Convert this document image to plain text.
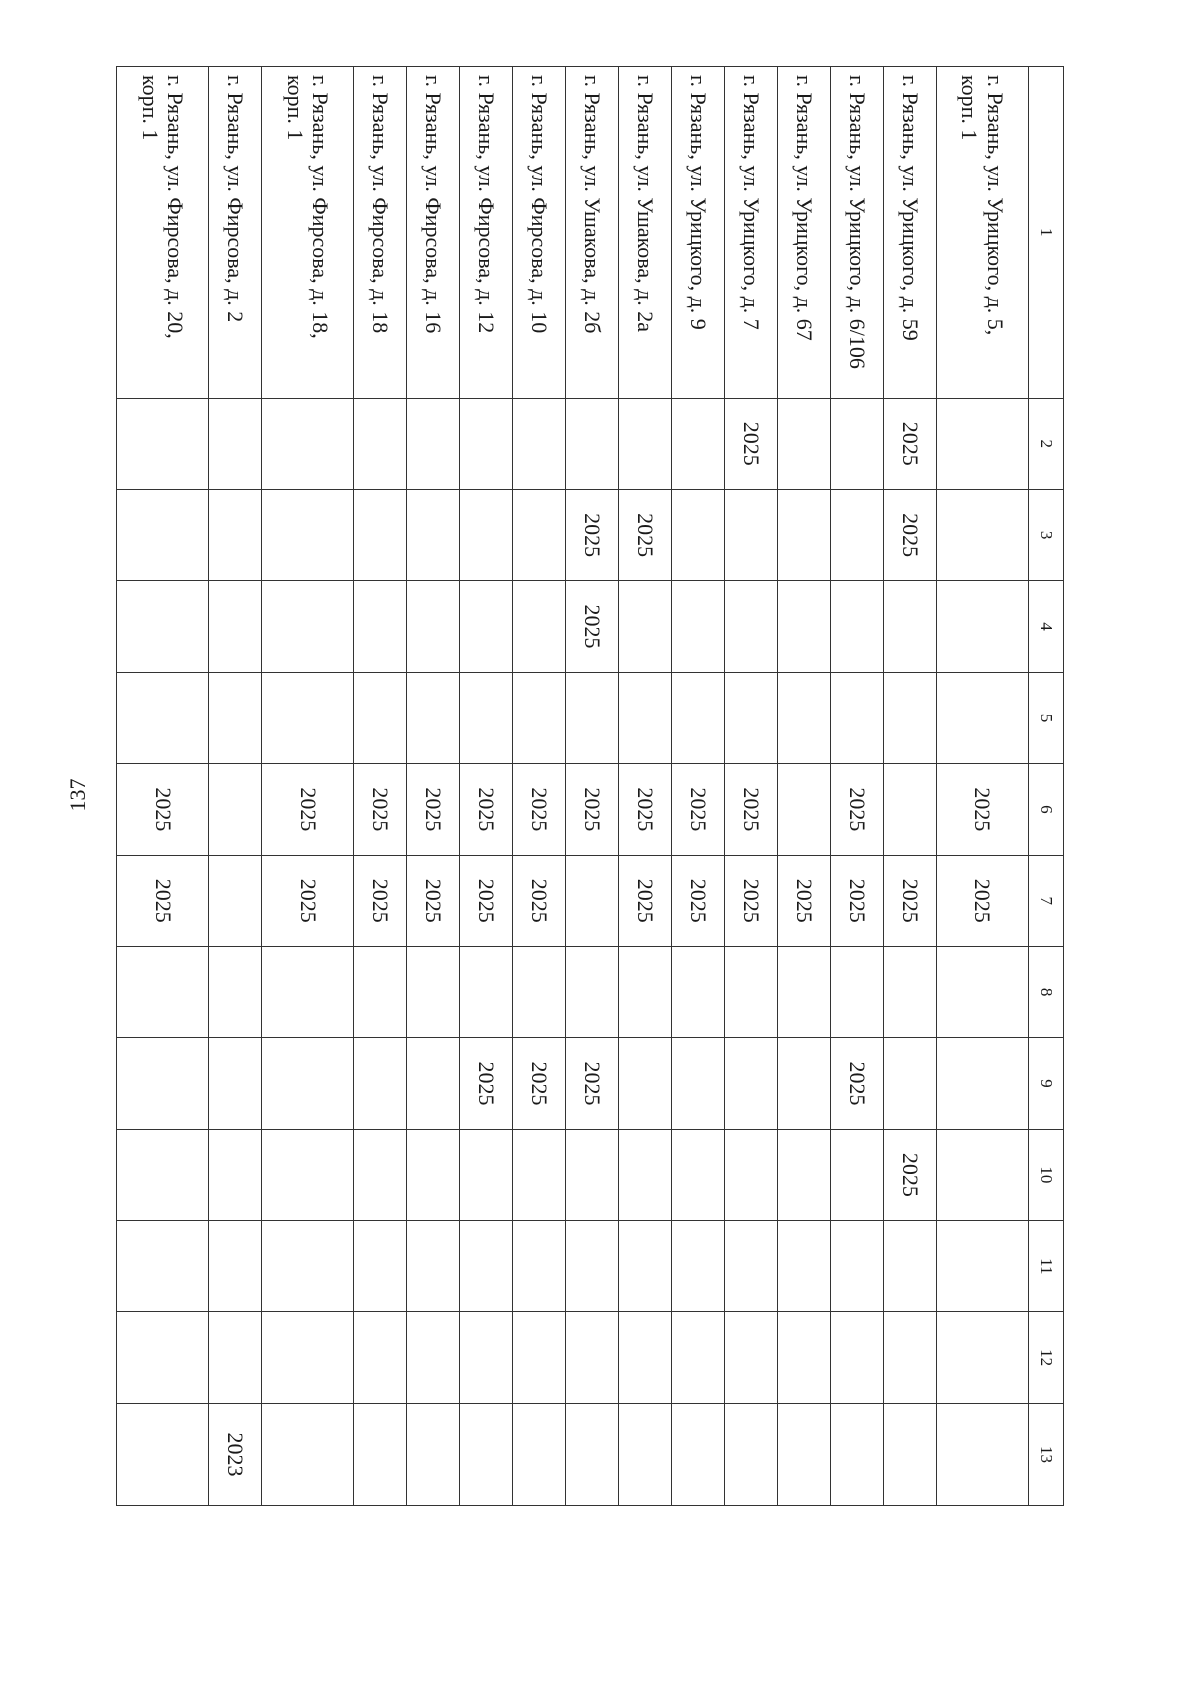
137
1	2	3	4	5	6	7	8	9	10	11	12	13
г. Рязань, ул. Урицкого, д. 5, корп. 1					2025	2025						
г. Рязань, ул. Урицкого, д. 59	2025	2025				2025			2025			
г. Рязань, ул. Урицкого, д. 6/106					2025	2025		2025				
г. Рязань, ул. Урицкого, д. 67						2025						
г. Рязань, ул. Урицкого, д. 7	2025				2025	2025						
г. Рязань, ул. Урицкого, д. 9					2025	2025						
г. Рязань, ул. Ушакова, д. 2а		2025			2025	2025						
г. Рязань, ул. Ушакова, д. 2б		2025	2025		2025			2025				
г. Рязань, ул. Фирсова, д. 10					2025	2025		2025				
г. Рязань, ул. Фирсова, д. 12					2025	2025		2025				
г. Рязань, ул. Фирсова, д. 16					2025	2025						
г. Рязань, ул. Фирсова, д. 18					2025	2025						
г. Рязань, ул. Фирсова, д. 18, корп. 1					2025	2025						
г. Рязань, ул. Фирсова, д. 2												2023
г. Рязань, ул. Фирсова, д. 20, корп. 1					2025	2025						
